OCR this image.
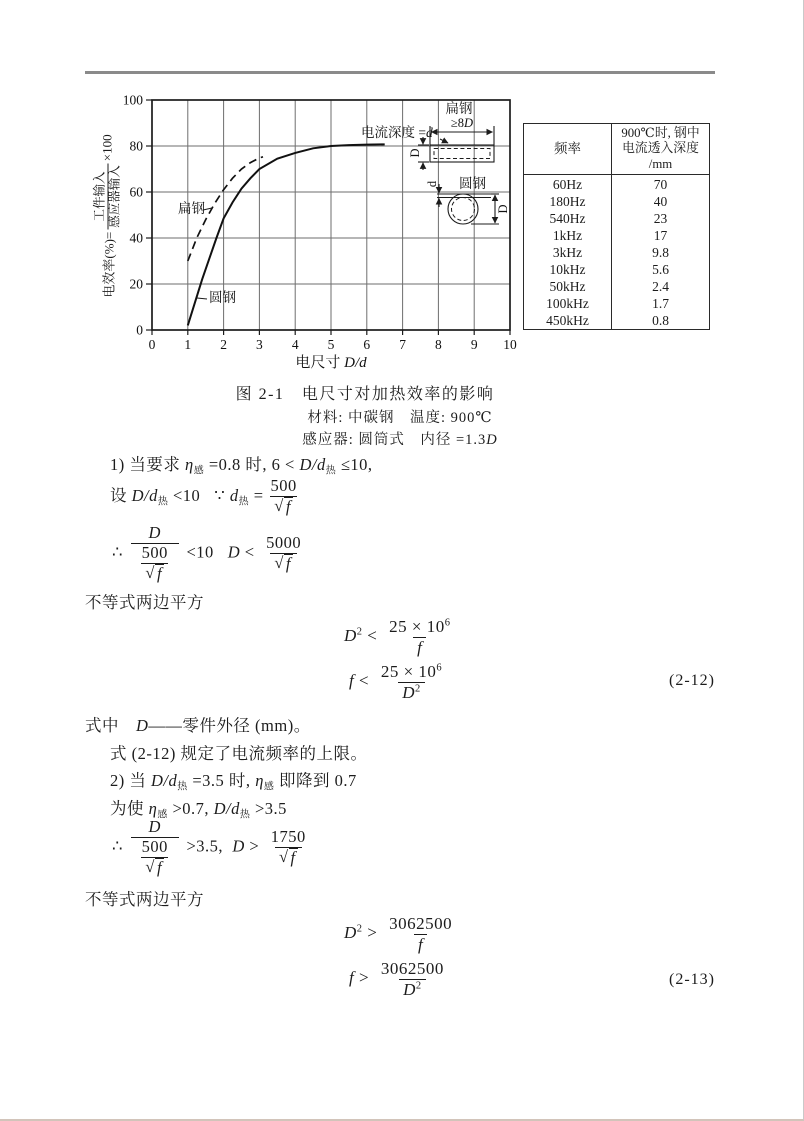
电效率(%)=
工件输入 感应器输入
×100
0 1 2 3 4 5 6 7 8 9 10
0
20
40
60
80
100
扁钢
圆钢
电流深度 =d
扁钢
≥8D
D
d 圆钢
D
电尺寸 D/d
频率
60Hz
180Hz
540Hz
1kHz
3kHz
10kHz
50kHz
100kHz
450kHz
900℃时, 钢中
电流透入深度
/mm
70
40
23
17
9.8
5.6
2.4
1.7
0.8
图 2-1　电尺寸对加热效率的影响
材料: 中碳钢　温度: 900℃
感应器: 圆筒式　内径 =1.3D
1) 当要求 $\eta_感 =0.8$ 时, $6 < D/d_热 \le 10$,
设 $D/d_热 <10$   ∵ $d_热 = \frac{500}{√ f}$
∴ $\frac{D}{\frac{500}{√ f}} <10$   $D < \frac{5000}{√ f}$
不等式两边平方
$D^2 < \frac{25 \times 10^6}{f}$
$f < \frac{25 \times 10^6}{D^2}$	(2-12)
式中　D——零件外径 (mm)。
式 (2-12) 规定了电流频率的上限。
2) 当 $D/d_热 =3.5$ 时, $\eta_感$ 即降到 0.7
为使 $\eta_感 >0.7$, $D/d_热 >3.5$
∴ $\frac{D}{\frac{500}{√ f}} >3.5$,  $D > \frac{1750}{√ f}$
不等式两边平方
$D^2 > \frac{3062500}{f}$
$f > \frac{3062500}{D^2}$	(2-13)
